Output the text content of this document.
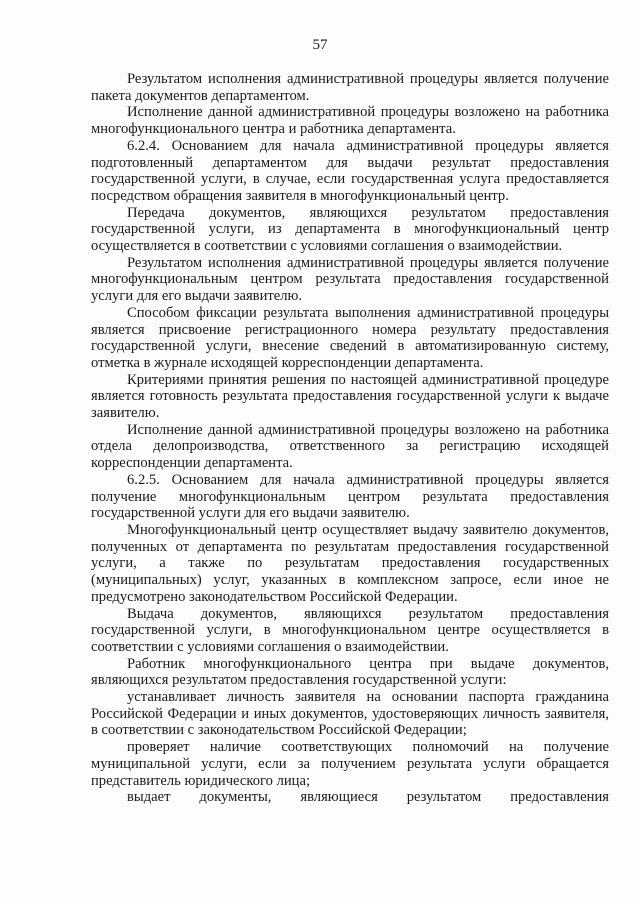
57

Результатом исполнения административной процедуры является получение пакета документов департаментом.

Исполнение данной административной процедуры возложено на работника многофункционального центра и работника департамента.

6.2.4. Основанием для начала административной процедуры является подготовленный департаментом для выдачи результат предоставления государственной услуги, в случае, если государственная услуга предоставляется посредством обращения заявителя в многофункциональный центр.

Передача документов, являющихся результатом предоставления государственной услуги, из департамента в многофункциональный центр осуществляется в соответствии с условиями соглашения о взаимодействии.

Результатом исполнения административной процедуры является получение многофункциональным центром результата предоставления государственной услуги для его выдачи заявителю.

Способом фиксации результата выполнения административной процедуры является присвоение регистрационного номера результату предоставления государственной услуги, внесение сведений в автоматизированную систему, отметка в журнале исходящей корреспонденции департамента.

Критериями принятия решения по настоящей административной процедуре является готовность результата предоставления государственной услуги к выдаче заявителю.

Исполнение данной административной процедуры возложено на работника отдела делопроизводства, ответственного за регистрацию исходящей корреспонденции департамента.

6.2.5. Основанием для начала административной процедуры является получение многофункциональным центром результата предоставления государственной услуги для его выдачи заявителю.

Многофункциональный центр осуществляет выдачу заявителю документов, полученных от департамента по результатам предоставления государственной услуги, а также по результатам предоставления государственных (муниципальных) услуг, указанных в комплексном запросе, если иное не предусмотрено законодательством Российской Федерации.

Выдача документов, являющихся результатом предоставления государственной услуги, в многофункциональном центре осуществляется в соответствии с условиями соглашения о взаимодействии.

Работник многофункционального центра при выдаче документов, являющихся результатом предоставления государственной услуги:

устанавливает личность заявителя на основании паспорта гражданина Российской Федерации и иных документов, удостоверяющих личность заявителя, в соответствии с законодательством Российской Федерации;

проверяет наличие соответствующих полномочий на получение муниципальной услуги, если за получением результата услуги обращается представитель юридического лица;

выдает документы, являющиеся результатом предоставления
